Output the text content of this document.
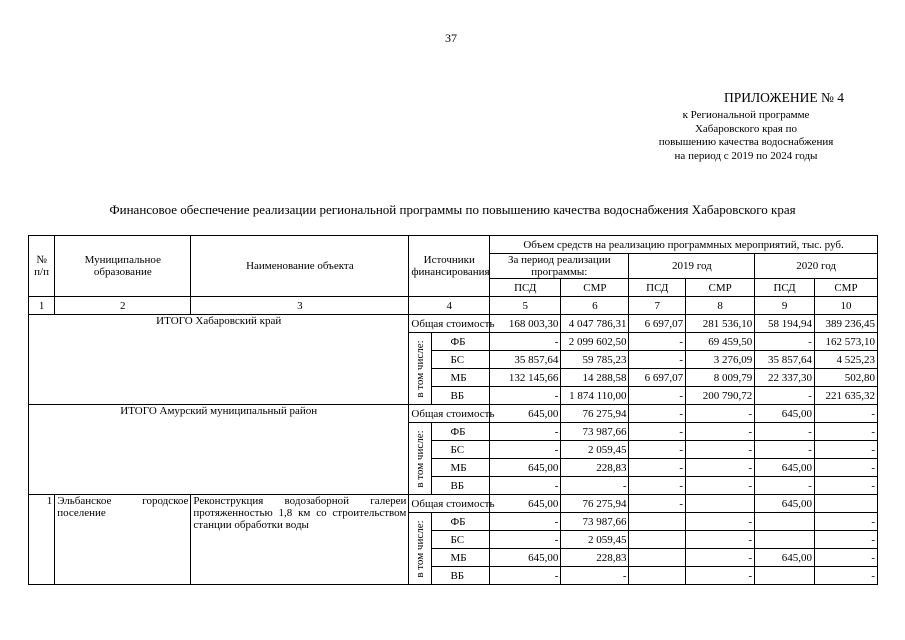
37
ПРИЛОЖЕНИЕ № 4
к Региональной программе
Хабаровского края по
повышению качества водоснабжения
на период с 2019 по 2024 годы
Финансовое обеспечение реализации региональной программы по повышению качества водоснабжения Хабаровского края
№ п/п	Муниципальное образование	Наименование объекта	Источники финансирования		Объем средств на реализацию программных мероприятий, тыс. руб.					
					За период реализации программы:		2019 год		2020 год	
					ПСД	СМР	ПСД	СМР	ПСД	СМР
1	2	3	4		5	6	7	8	9	10
ИТОГО Хабаровский край			Общая стоимость		168 003,30	4 047 786,31	6 697,07	281 536,10	58 194,94	389 236,45

			в том числе:	ФБ	-	2 099 602,50	-	69 459,50	-	162 573,10
				БС	35 857,64	59 785,23	-	3 276,09	35 857,64	4 525,23
				МБ	132 145,66	14 288,58	6 697,07	8 009,79	22 337,30	502,80
				ВБ	-	1 874 110,00	-	200 790,72	-	221 635,32
ИТОГО Амурский муниципальный район			Общая стоимость		645,00	76 275,94	-	-	645,00	-

			в том числе:	ФБ	-	73 987,66	-	-	-	-
				БС	-	2 059,45	-	-	-	-
				МБ	645,00	228,83	-	-	645,00	-
				ВБ	-	-	-	-	-	-
1	Эльбанское городское поселение	Реконструкция водозаборной галереи протяженностью 1,8 км со строительством станции обработки воды	Общая стоимость		645,00	76 275,94	-		645,00	

			в том числе:	ФБ	-	73 987,66		-		-
				БС	-	2 059,45		-		-
				МБ	645,00	228,83		-	645,00	-
				ВБ	-	-		-		-
